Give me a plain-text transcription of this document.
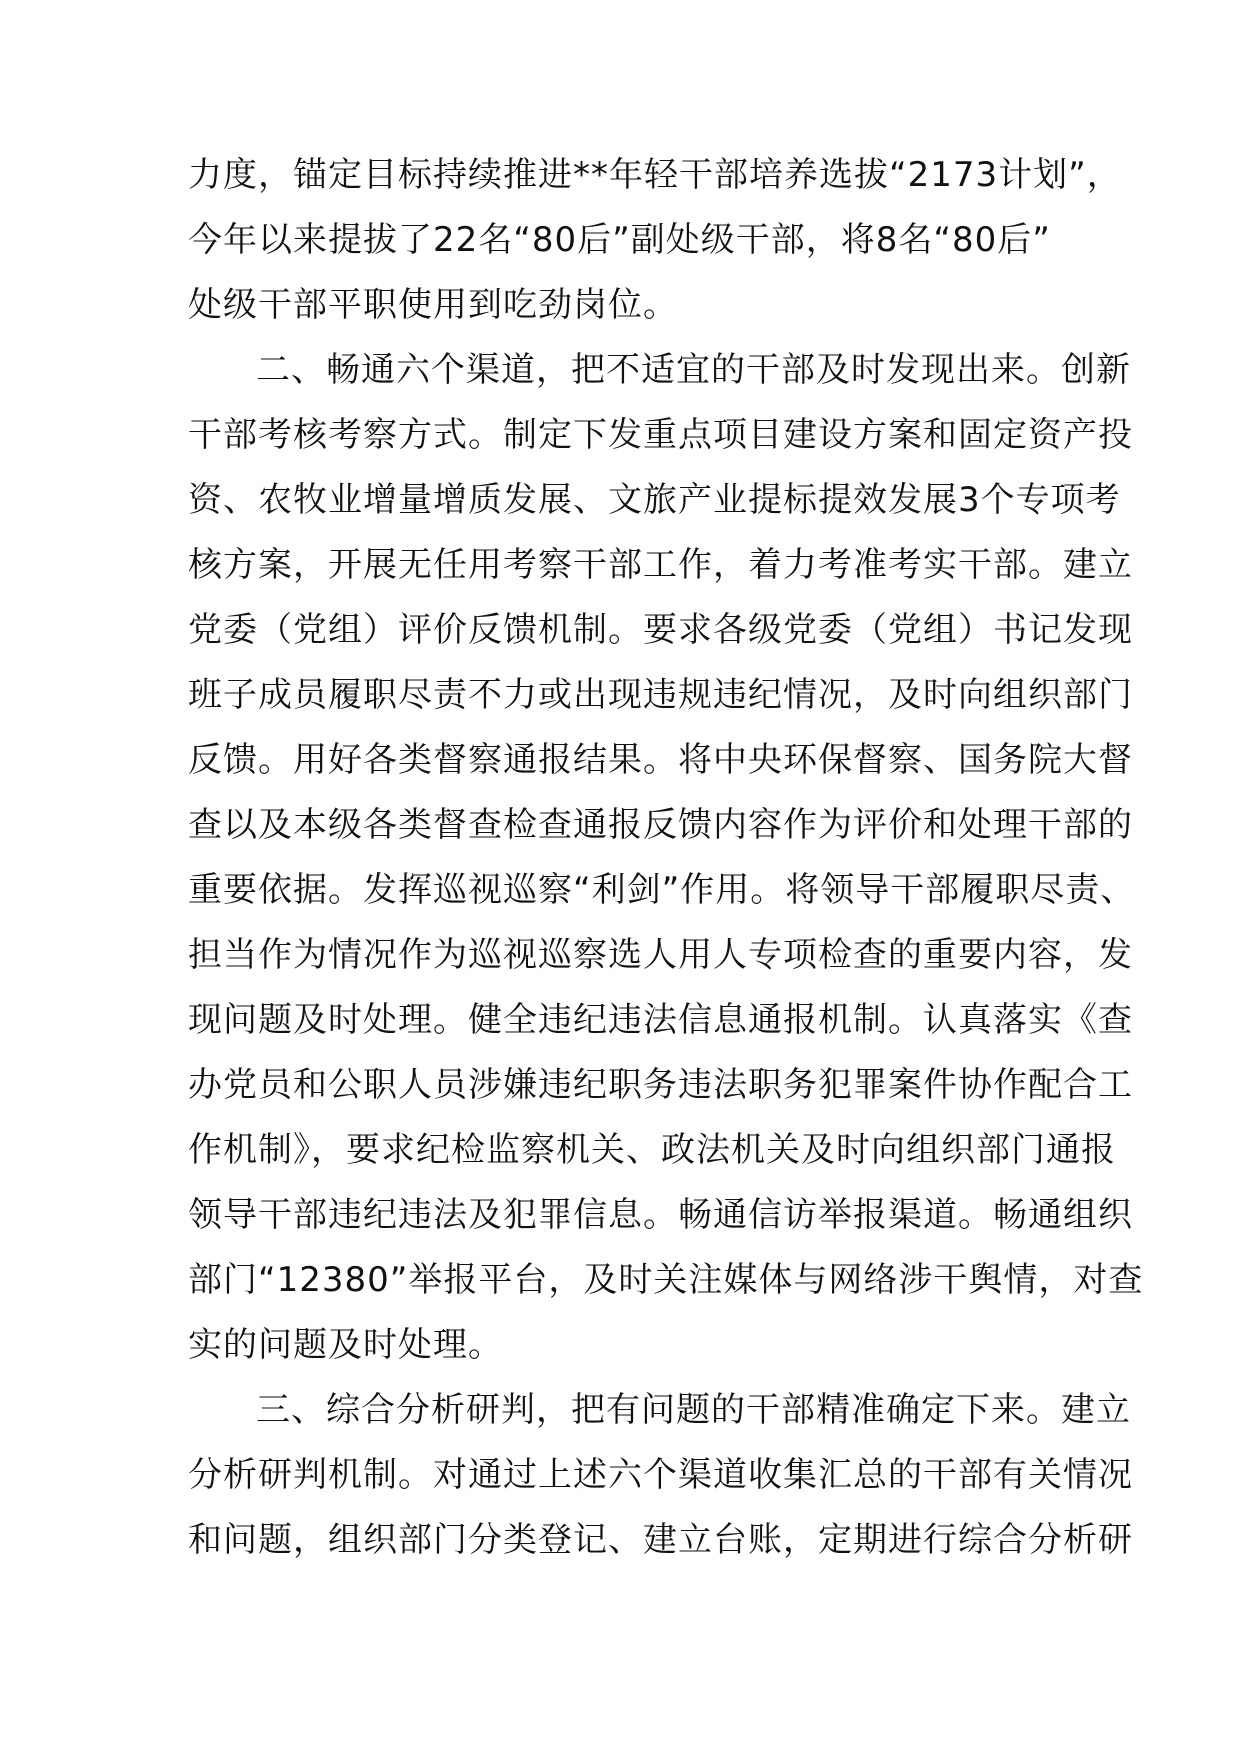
力度，锚定目标持续推进**年轻干部培养选拔“2173计划”，
今年以来提拔了22名“80后”副处级干部，将8名“80后”
处级干部平职使用到吃劲岗位。
二、畅通六个渠道，把不适宜的干部及时发现出来。创新
干部考核考察方式。制定下发重点项目建设方案和固定资产投
资、农牧业增量增质发展、文旅产业提标提效发展3个专项考
核方案，开展无任用考察干部工作，着力考准考实干部。建立
党委（党组）评价反馈机制。要求各级党委（党组）书记发现
班子成员履职尽责不力或出现违规违纪情况，及时向组织部门
反馈。用好各类督察通报结果。将中央环保督察、国务院大督
查以及本级各类督查检查通报反馈内容作为评价和处理干部的
重要依据。发挥巡视巡察“利剑”作用。将领导干部履职尽责、
担当作为情况作为巡视巡察选人用人专项检查的重要内容，发
现问题及时处理。健全违纪违法信息通报机制。认真落实《查
办党员和公职人员涉嫌违纪职务违法职务犯罪案件协作配合工
作机制》，要求纪检监察机关、政法机关及时向组织部门通报
领导干部违纪违法及犯罪信息。畅通信访举报渠道。畅通组织
部门“12380”举报平台，及时关注媒体与网络涉干舆情，对查
实的问题及时处理。
三、综合分析研判，把有问题的干部精准确定下来。建立
分析研判机制。对通过上述六个渠道收集汇总的干部有关情况
和问题，组织部门分类登记、建立台账，定期进行综合分析研
